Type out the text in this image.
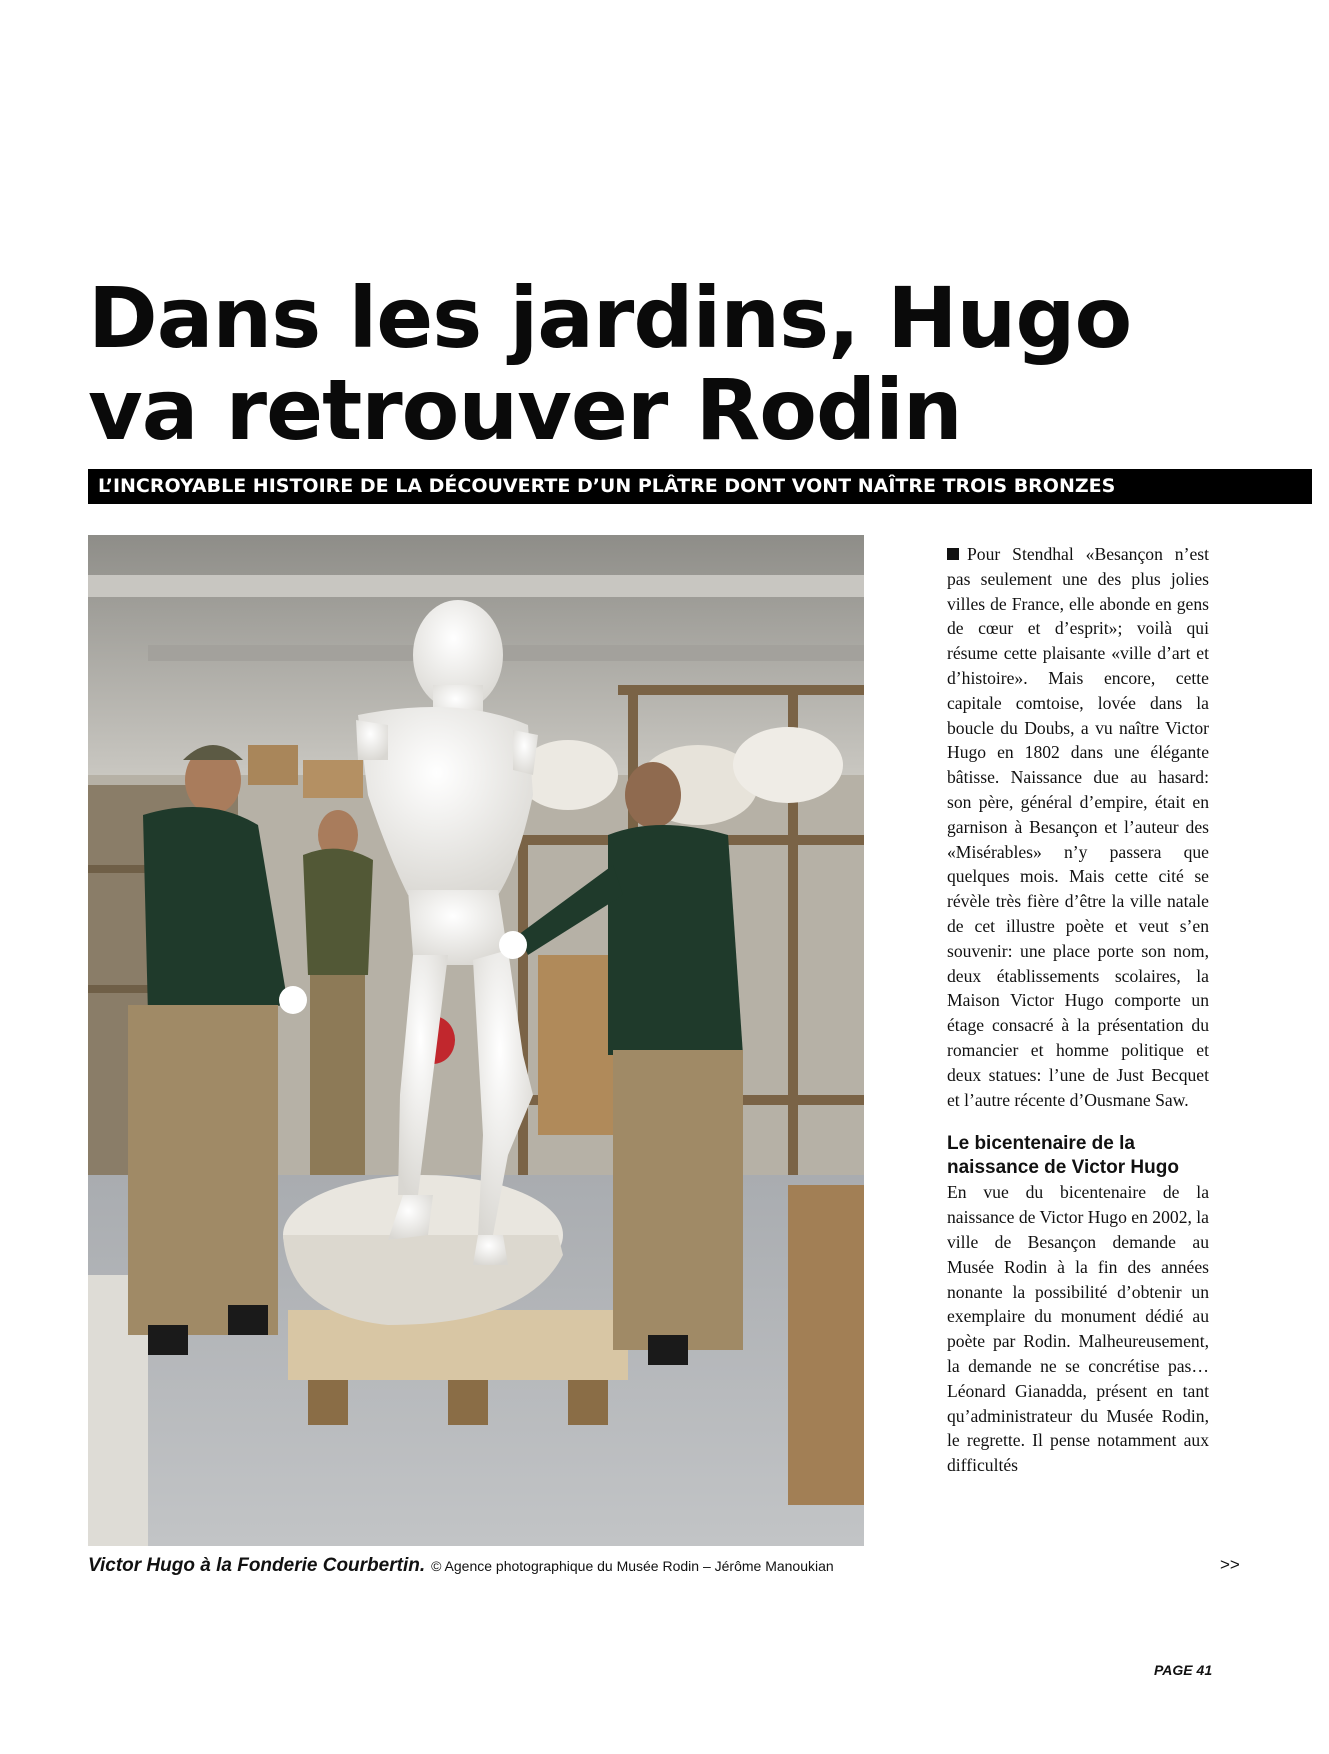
Dans les jardins, Hugo va retrouver Rodin
L’INCROYABLE HISTOIRE DE LA DÉCOUVERTE D’UN PLÂTRE DONT VONT NAÎTRE TROIS BRONZES
Victor Hugo à la Fonderie Courbertin. © Agence photographique du Musée Rodin – Jérôme Manoukian

Pour Stendhal «Besançon n’est pas seulement une des plus jolies villes de France, elle abonde en gens de cœur et d’esprit»; voilà qui résume cette plaisante «ville d’art et d’histoire». Mais encore, cette capitale comtoise, lovée dans la boucle du Doubs, a vu naître Victor Hugo en 1802 dans une élégante bâtisse. Naissance due au hasard: son père, général d’empire, était en garnison à Besançon et l’auteur des «Misérables» n’y passera que quelques mois. Mais cette cité se révèle très fière d’être la ville natale de cet illustre poète et veut s’en souvenir: une place porte son nom, deux établissements scolaires, la Maison Victor Hugo comporte un étage consacré à la présentation du romancier et homme politique et deux statues: l’une de Just Becquet et l’autre récente d’Ousmane Saw.

Le bicentenaire de la naissance de Victor Hugo

En vue du bicentenaire de la naissance de Victor Hugo en 2002, la ville de Besançon demande au Musée Rodin à la fin des années nonante la possibilité d’obtenir un exemplaire du monument dédié au poète par Rodin. Malheureusement, la demande ne se concrétise pas… Léonard Gianadda, présent en tant qu’administrateur du Musée Rodin, le regrette. Il pense notamment aux difficultés

>>
PAGE 41
